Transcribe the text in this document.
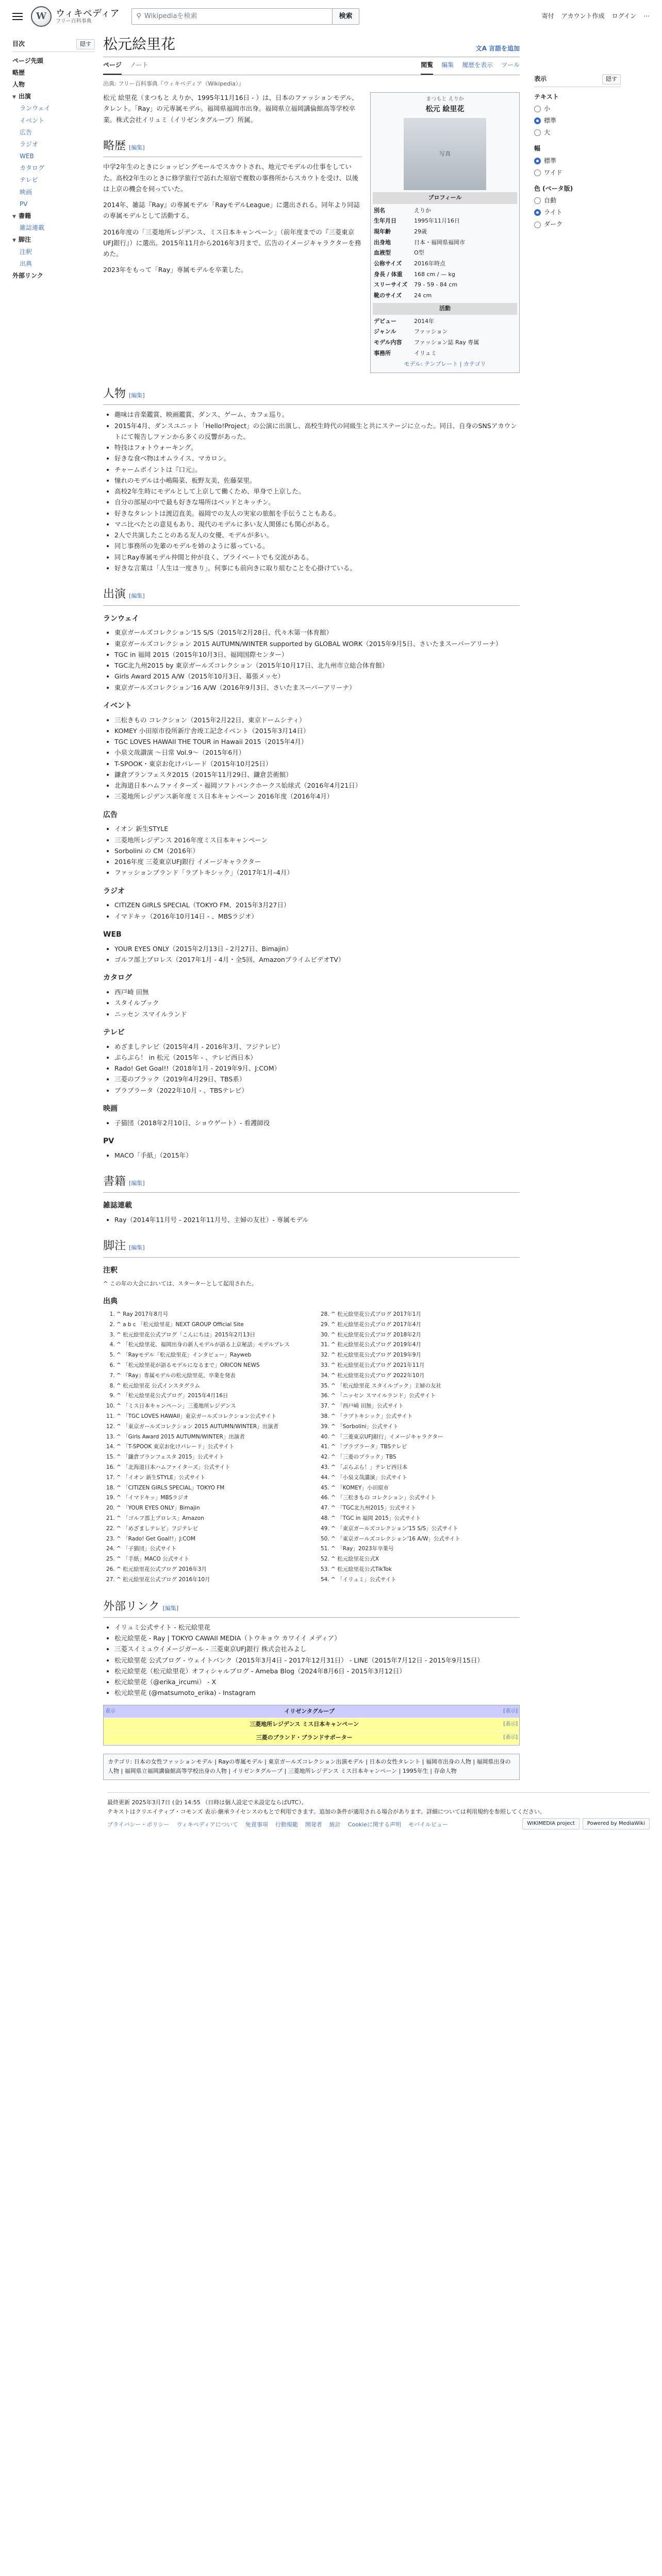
W ウィキペディア
フリー百科事典
⚲ Wikipediaを検索	検索	寄付 アカウント作成 ログイン ⋯
目次	隠す
ページ先頭
略歴
人物
▼ 出演
ランウェイ
イベント
広告
ラジオ
WEB
カタログ
テレビ
映画
PV
▼ 書籍
雑誌連載
▼ 脚注
注釈
出典
外部リンク
松元絵里花	文A 言語を追加
ページ ノート	閲覧 編集 履歴を表示 ツール
出典: フリー百科事典『ウィキペディア（Wikipedia）』

松元 絵里花（まつもと えりか、1995年11月16日 - ）は、日本のファッションモデル、タレント。「Ray」の元専属モデル。福岡県福岡市出身。福岡県立福岡講倫館高等学校卒業。株式会社イリュミ（イリゼンタグループ）所属。

略歴 [編集]

中学2年生のときにショッピングモールでスカウトされ、地元でモデルの仕事をしていた。高校2年生のときに修学旅行で訪れた原宿で複数の事務所からスカウトを受け、以後は上京の機会を伺っていた。

2014年、雑誌『Ray』の専属モデル「RayモデルLeague」に選出される。同年より同誌の専属モデルとして活動する。

2016年度の「三菱地所レジデンス、ミス日本キャンペーン」（前年度までの『三菱東京UFJ銀行』）に選出。2015年11月から2016年3月まで、広告のイメージキャラクターを務めた。

2023年をもって「Ray」専属モデルを卒業した。

まつもと えりか
松元 絵里花
写真
プロフィール
別名	えりか
生年月日	1995年11月16日
現年齢	29歳
出身地	日本・福岡県福岡市
血液型	O型
公称サイズ	2016年時点
身長 / 体重	168 cm / — kg
スリーサイズ	79 - 59 - 84 cm
靴のサイズ	24 cm
活動
デビュー	2014年
ジャンル	ファッション
モデル内容	ファッション誌 Ray 専属
事務所	イリュミ
モデル: テンプレート | カテゴリ
人物 [編集]
• 趣味は音楽鑑賞、映画鑑賞、ダンス、ゲーム、カフェ巡り。
• 2015年4月、ダンスユニット「Hello!Project」の公演に出演し、高校生時代の同級生と共にステージに立った。同日、自身のSNSアカウントにて報告しファンから多くの反響があった。
• 特技はフォトウォーキング。
• 好きな食べ物はオムライス、マカロン。
• チャームポイントは『口元』。
• 憧れのモデルは小嶋陽菜、板野友美、佐藤栞里。
• 高校2年生時にモデルとして上京して働くため、単身で上京した。
• 自分の部屋の中で最も好きな場所はベッドとキッチン。
• 好きなタレントは渡辺直美。福岡での友人の実家の旅館を手伝うこともある。
• マニ比べたとの意見もあり、現代のモデルに多い友人関係にも関心がある。
• 2人で共演したことのある友人の女優、モデルが多い。
• 同じ事務所の先輩のモデルを姉のように慕っている。
• 同じRay専属モデル仲間と仲が良く、プライベートでも交流がある。
• 好きな言葉は「人生は一度きり」。何事にも前向きに取り組むことを心掛けている。
出演 [編集]
ランウェイ
• 東京ガールズコレクション'15 S/S（2015年2月28日、代々木第一体育館）
• 東京ガールズコレクション 2015 AUTUMN/WINTER supported by GLOBAL WORK（2015年9月5日、さいたまスーパーアリーナ）
• TGC in 福岡 2015（2015年10月3日、福岡国際センター）
• TGC北九州2015 by 東京ガールズコレクション（2015年10月17日、北九州市立総合体育館）
• Girls Award 2015 A/W（2015年10月3日、幕張メッセ）
• 東京ガールズコレクション'16 A/W（2016年9月3日、さいたまスーパーアリーナ）
イベント
• 三松きもの コレクション（2015年2月22日、東京ドームシティ）
• KOMEY 小田原市役所新庁舎竣工記念イベント（2015年3月14日）
• TGC LOVES HAWAII THE TOUR in Hawaii 2015（2015年4月）
• 小泉文哉讃演 ～日常 Vol.9～（2015年6月）
• T-SPOOK・東京お化けパレード（2015年10月25日）
• 鎌倉ブランフェスタ2015（2015年11月29日、鎌倉芸術館）
• 北海道日本ハムファイターズ・福岡ソフトバンクホークス始球式（2016年4月21日）
• 三菱地所レジデンス新年度ミス日本キャンペーン 2016年度（2016年4月）
広告
• イオン 新生STYLE
• 三菱地所レジデンス 2016年度ミス日本キャンペーン
• Sorbolini の CM（2016年）
• 2016年度 三菱東京UFJ銀行 イメージキャラクター
• ファッションブランド「ラブトキシック」（2017年1月–4月）
ラジオ
• CITIZEN GIRLS SPECIAL（TOKYO FM、2015年3月27日）
• イマドキッ（2016年10月14日 - 、MBSラジオ）
WEB
• YOUR EYES ONLY（2015年2月13日 - 2月27日、Bimajin）
• ゴルフ部上プロレス（2017年1月 - 4月・全5回、AmazonプライムビデオTV）
カタログ
• 西戸崎 田無
• スタイルブック
• ニッセン スマイルランド
テレビ
• めざましテレビ（2015年4月 - 2016年3月、フジテレビ）
• ぷらぷら！ in 松元（2015年 - 、テレビ西日本）
• Rado! Get Goal!!（2018年1月 - 2019年9月、J:COM）
• 三菱のブラック（2019年4月29日、TBS系）
• ブラブラータ（2022年10月 - 、TBSテレビ）
映画
• 子猫団（2018年2月10日、ショウゲート）- 看護師役
PV
• MACO「手紙」（2015年）
書籍 [編集]
雑誌連載
• Ray（2014年11月号 - 2021年11月号、主婦の友社）- 専属モデル
脚注 [編集]
注釈

^ この年の大会においては、スターターとして起用された。

出典
1. ^ Ray 2017年8月号
2. ^ a b c 「松元絵里花」NEXT GROUP Official Site
3. ^ 松元絵里花公式ブログ「こんにちは」2015年2月13日
4. ^ 「松元絵里花、福岡出身の新人モデルが語る上京秘話」モデルプレス
5. ^ 「Rayモデル「松元絵里花」インタビュー」Rayweb
6. ^ 「松元絵里花が語るモデルになるまで」ORICON NEWS
7. ^ 『Ray』専属モデルの松元絵里花、卒業を発表
8. ^ 松元絵里花 公式インスタグラム
9. ^ 「松元絵里花公式ブログ」2015年4月16日
10. ^ 「ミス日本キャンペーン」三菱地所レジデンス
11. ^ 「TGC LOVES HAWAII」東京ガールズコレクション公式サイト
12. ^ 「東京ガールズコレクション 2015 AUTUMN/WINTER」出演者
13. ^ 「Girls Award 2015 AUTUMN/WINTER」出演者
14. ^ 「T-SPOOK 東京お化けパレード」公式サイト
15. ^ 「鎌倉ブランフェスタ 2015」公式サイト
16. ^ 「北海道日本ハムファイターズ」公式サイト
17. ^ 「イオン 新生STYLE」公式サイト
18. ^ 「CITIZEN GIRLS SPECIAL」TOKYO FM
19. ^ 「イマドキッ」MBSラジオ
20. ^ 「YOUR EYES ONLY」Bimajin
21. ^ 「ゴルフ部上プロレス」Amazon
22. ^ 「めざましテレビ」フジテレビ
23. ^ 「Rado! Get Goal!!」J:COM
24. ^ 「子猫団」公式サイト
25. ^ 「手紙」MACO 公式サイト
26. ^ 松元絵里花公式ブログ 2016年3月
27. ^ 松元絵里花公式ブログ 2016年10月
28. ^ 松元絵里花公式ブログ 2017年1月
29. ^ 松元絵里花公式ブログ 2017年4月
30. ^ 松元絵里花公式ブログ 2018年2月
31. ^ 松元絵里花公式ブログ 2019年4月
32. ^ 松元絵里花公式ブログ 2019年9月
33. ^ 松元絵里花公式ブログ 2021年11月
34. ^ 松元絵里花公式ブログ 2022年10月
35. ^ 「松元絵里花 スタイルブック」主婦の友社
36. ^ 「ニッセン スマイルランド」公式サイト
37. ^ 「西戸崎 田無」公式サイト
38. ^ 「ラブトキシック」公式サイト
39. ^ 「Sorbolini」公式サイト
40. ^ 「三菱東京UFJ銀行」イメージキャラクター
41. ^ 「ブラブラータ」TBSテレビ
42. ^ 「三菱のブラック」TBS
43. ^ 「ぷらぷら！」テレビ西日本
44. ^ 「小泉文哉讃演」公式サイト
45. ^ 「KOMEY」小田原市
46. ^ 「三松きもの コレクション」公式サイト
47. ^ 「TGC北九州2015」公式サイト
48. ^ 「TGC in 福岡 2015」公式サイト
49. ^ 「東京ガールズコレクション'15 S/S」公式サイト
50. ^ 「東京ガールズコレクション'16 A/W」公式サイト
51. ^ 「Ray」2023年卒業号
52. ^ 松元絵里花公式X
53. ^ 松元絵里花公式TikTok
54. ^ 「イリュミ」公式サイト
外部リンク [編集]
• イリュミ公式サイト - 松元絵里花
• 松元絵里花 - Ray | TOKYO CAWAII MEDIA（トウキョウ カワイイ メディア）
• 三菱スイミュウイメージガール - 三菱東京UFJ銀行 株式会社みよし
• 松元絵里花 公式ブログ - ウェイトバンク（2015年3月4日 - 2017年12月31日） - LINE（2015年7月12日 - 2015年9月15日）
• 松元絵里花（松元絵里花）オフィシャルブログ - Ameba Blog（2024年8月6日 - 2015年3月12日）
• 松元絵里花（@erika_ircumi） - X
• 松元絵里花 (@matsumoto_erika) - Instagram
表示	[表示]
イリゼンタグループ
[表示]
三菱地所レジデンス ミス日本キャンペーン
[表示]
三菱のブランド・ブランドサポーター
カテゴリ: 日本の女性ファッションモデル | Rayの専属モデル | 東京ガールズコレクション出演モデル | 日本の女性タレント | 福岡市出身の人物 | 福岡県出身の人物 | 福岡県立福岡講倫館高等学校出身の人物 | イリゼンタグループ | 三菱地所レジデンス ミス日本キャンペーン | 1995年生 | 存命人物
表示	隠す
テキスト
小
標準
大
幅
標準
ワイド
色 (ベータ版)
自動
ライト
ダーク
最終更新 2025年3月7日 (金) 14:55 （日時は個人設定で未設定ならばUTC）。
テキストはクリエイティブ・コモンズ 表示-継承ライセンスのもとで利用できます。追加の条件が適用される場合があります。詳細については利用規約を参照してください。
プライバシー・ポリシー ウィキペディアについて 免責事項 行動規範 開発者 統計 Cookieに関する声明 モバイルビュー	WIKIMEDIA project	Powered by MediaWiki
